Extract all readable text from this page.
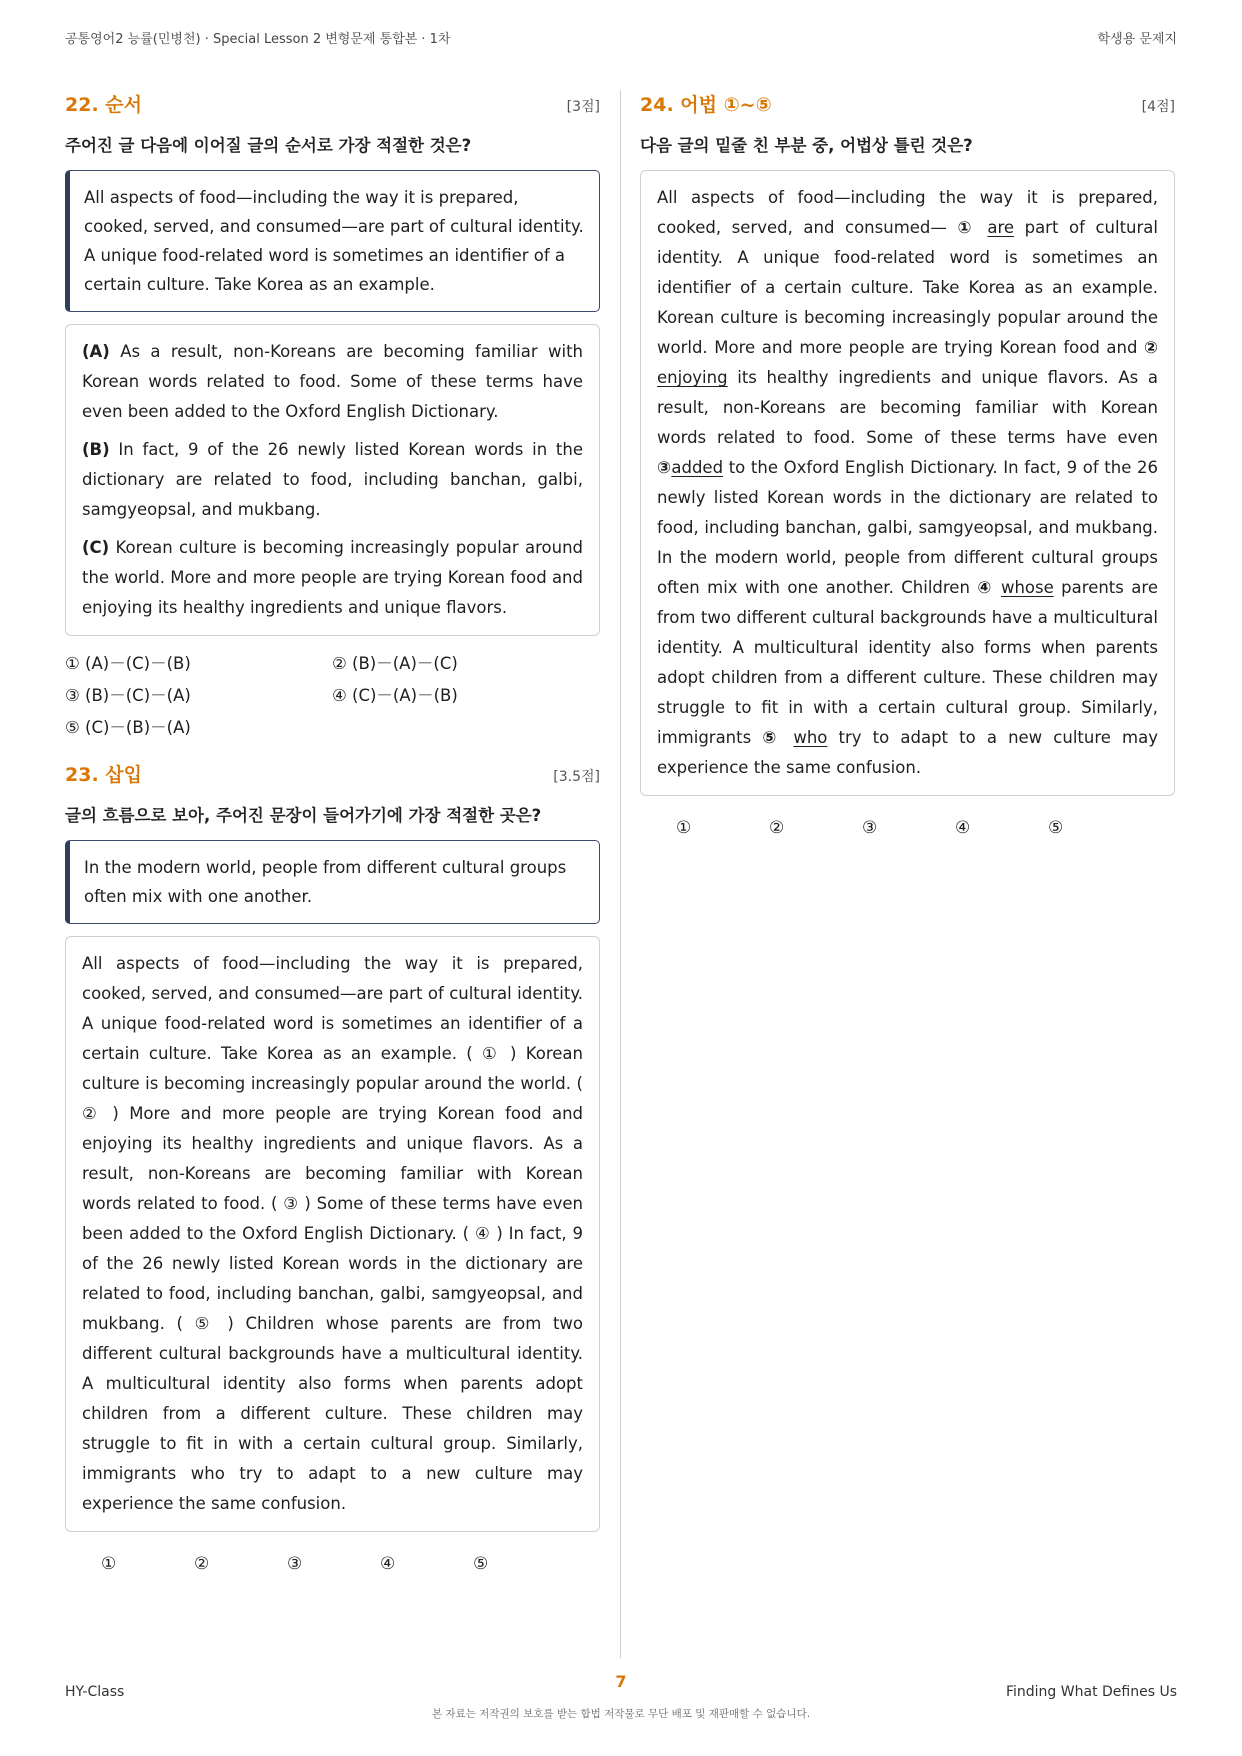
공통영어2 능률(민병천) · Special Lesson 2 변형문제 통합본 · 1차	학생용 문제지
22. 순서	[3점]
주어진 글 다음에 이어질 글의 순서로 가장 적절한 것은?
All aspects of food—including the way it is prepared, cooked, served, and consumed—are part of cultural identity. A unique food-related word is sometimes an identifier of a certain culture. Take Korea as an example.

(A) As a result, non-Koreans are becoming familiar with Korean words related to food. Some of these terms have even been added to the Oxford English Dictionary.

(B) In fact, 9 of the 26 newly listed Korean words in the dictionary are related to food, including banchan, galbi, samgyeopsal, and mukbang.

(C) Korean culture is becoming increasingly popular around the world. More and more people are trying Korean food and enjoying its healthy ingredients and unique flavors.

① (A)－(C)－(B)	② (B)－(A)－(C)
③ (B)－(C)－(A)	④ (C)－(A)－(B)
⑤ (C)－(B)－(A)
23. 삽입	[3.5점]
글의 흐름으로 보아, 주어진 문장이 들어가기에 가장 적절한 곳은?
In the modern world, people from different cultural groups often mix with one another.
All aspects of food—including the way it is prepared, cooked, served, and consumed—are part of cultural identity. A unique food-related word is sometimes an identifier of a certain culture. Take Korea as an example. ( ① ) Korean culture is becoming increasingly popular around the world. ( ② ) More and more people are trying Korean food and enjoying its healthy ingredients and unique flavors. As a result, non-Koreans are becoming familiar with Korean words related to food. ( ③ ) Some of these terms have even been added to the Oxford English Dictionary. ( ④ ) In fact, 9 of the 26 newly listed Korean words in the dictionary are related to food, including banchan, galbi, samgyeopsal, and mukbang. ( ⑤ ) Children whose parents are from two different cultural backgrounds have a multicultural identity. A multicultural identity also forms when parents adopt children from a different culture. These children may struggle to fit in with a certain cultural group. Similarly, immigrants who try to adapt to a new culture may experience the same confusion.
①	②	③	④	⑤
24. 어법 ①~⑤	[4점]
다음 글의 밑줄 친 부분 중, 어법상 틀린 것은?
All aspects of food—including the way it is prepared, cooked, served, and consumed— ① are part of cultural identity. A unique food-related word is sometimes an identifier of a certain culture. Take Korea as an example. Korean culture is becoming increasingly popular around the world. More and more people are trying Korean food and ② enjoying its healthy ingredients and unique flavors. As a result, non-Koreans are becoming familiar with Korean words related to food. Some of these terms have even ③added to the Oxford English Dictionary. In fact, 9 of the 26 newly listed Korean words in the dictionary are related to food, including banchan, galbi, samgyeopsal, and mukbang. In the modern world, people from different cultural groups often mix with one another. Children ④ whose parents are from two different cultural backgrounds have a multicultural identity. A multicultural identity also forms when parents adopt children from a different culture. These children may struggle to fit in with a certain cultural group. Similarly, immigrants ⑤ who try to adapt to a new culture may experience the same confusion.
①	②	③	④	⑤
HY-Class
7
Finding What Defines Us
본 자료는 저작권의 보호를 받는 합법 저작물로 무단 배포 및 재판매할 수 없습니다.
